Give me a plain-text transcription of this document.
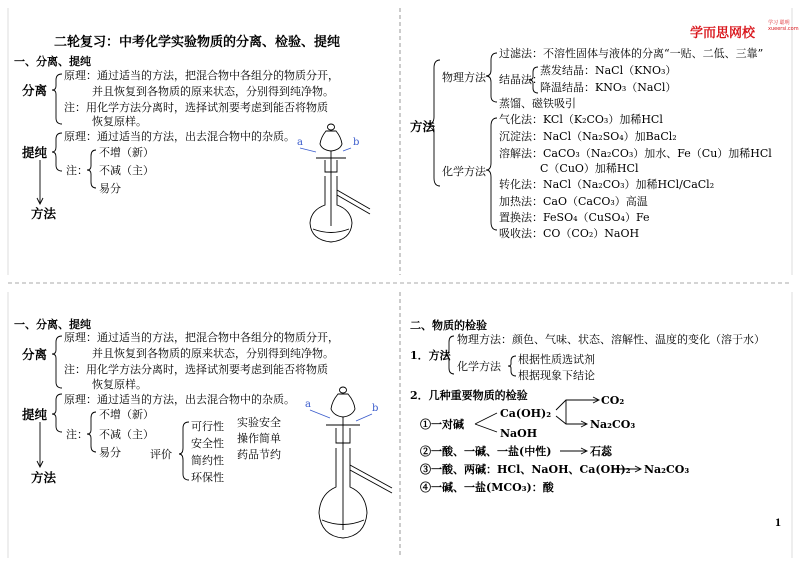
二轮复习：中考化学实验物质的分离、检验、提纯
一、分离、提纯
分离
原理：通过适当的方法，把混合物中各组分的物质分开，
并且恢复到各物质的原来状态，分别得到纯净物。
注：用化学方法分离时，选择试剂要考虑到能否将物质
恢复原样。
提纯
原理：通过适当的方法，出去混合物中的杂质。
注：
不增（新）
不减（主）
易分
方法
a	b
学而思网校
学习 聪明 xueersi.com
方法
物理方法
过滤法：不溶性固体与液体的分离“一贴、二低、三靠”
结晶法：
蒸发结晶：NaCl（KNO₃）
降温结晶：KNO₃（NaCl）
蒸馏、磁铁吸引
化学方法
气化法：KCl（K₂CO₃）加稀HCl
沉淀法：NaCl（Na₂SO₄）加BaCl₂
溶解法：CaCO₃（Na₂CO₃）加水、Fe（Cu）加稀HCl
C（CuO）加稀HCl
转化法：NaCl（Na₂CO₃）加稀HCl/CaCl₂
加热法：CaO（CaCO₃）高温
置换法：FeSO₄（CuSO₄）Fe
吸收法：CO（CO₂）NaOH
一、分离、提纯
分离
原理：通过适当的方法，把混合物中各组分的物质分开，
并且恢复到各物质的原来状态，分别得到纯净物。
注：用化学方法分离时，选择试剂要考虑到能否将物质
恢复原样。
提纯
原理：通过适当的方法，出去混合物中的杂质。
注：
不增（新）
不减（主）
易分	评价
可行性
安全性
简约性
环保性
实验安全
操作简单
药品节约
方法
a	b
二、物质的检验
1．方法
物理方法：颜色、气味、状态、溶解性、温度的变化（溶于水）
化学方法
根据性质选试剂
根据现象下结论
2．几种重要物质的检验
①一对碱
Ca(OH)₂
NaOH
CO₂
Na₂CO₃
②一酸、一碱、一盐(中性)	石蕊
③一酸、两碱：HCl、NaOH、Ca(OH)₂ Na₂CO₃
④一碱、一盐(MCO₃)：酸
1
